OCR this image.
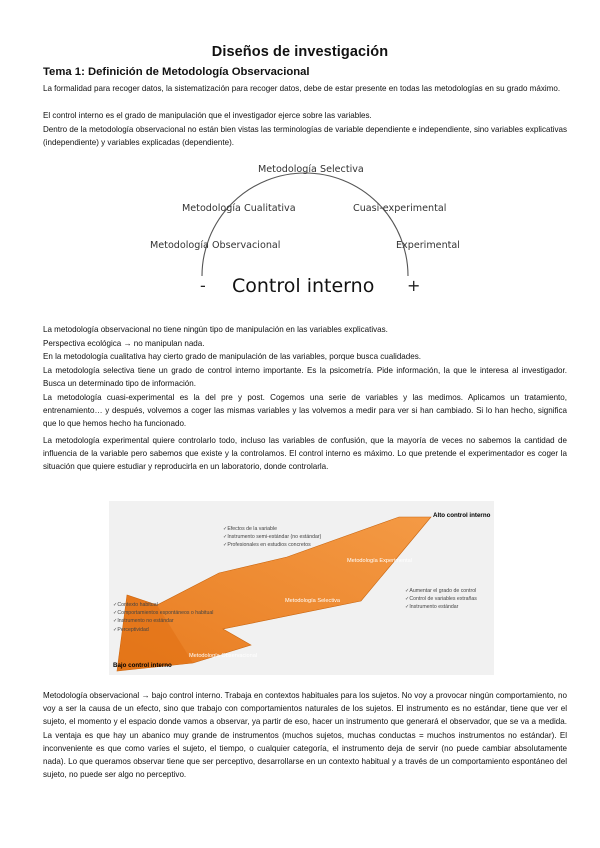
Diseños de investigación
Tema 1: Definición de Metodología Observacional

La formalidad para recoger datos, la sistematización para recoger datos, debe de estar presente en todas las metodologías en su grado máximo.

El control interno es el grado de manipulación que el investigador ejerce sobre las variables.

Dentro de la metodología observacional no están bien vistas las terminologías de variable dependiente e independiente, sino variables explicativas (independiente) y variables explicadas (dependiente).

Metodología Selectiva
Metodología Cualitativa	Cuasi-experimental
Metodología Observacional	Experimental
- Control interno +

La metodología observacional no tiene ningún tipo de manipulación en las variables explicativas.

Perspectiva ecológica → no manipulan nada.

En la metodología cualitativa hay cierto grado de manipulación de las variables, porque busca cualidades.

La metodología selectiva tiene un grado de control interno importante. Es la psicometría. Pide información, la que le interesa al investigador. Busca un determinado tipo de información.

La metodología cuasi-experimental es la del pre y post. Cogemos una serie de variables y las medimos. Aplicamos un tratamiento, entrenamiento… y después, volvemos a coger las mismas variables y las volvemos a medir para ver si han cambiado. Si lo han hecho, significa que lo que hemos hecho ha funcionado.

La metodología experimental quiere controlarlo todo, incluso las variables de confusión, que la mayoría de veces no sabemos la cantidad de influencia de la variable pero sabemos que existe y la controlamos. El control interno es máximo. Lo que pretende el experimentador es coger la situación que quiere estudiar y reproducirla en un laboratorio, donde controlarla.

Alto control interno
Bajo control interno
Metodología Experimental
Metodología Selectiva
Metodología Observacional
✓ Efectos de la variable
✓ Instrumento semi-estándar (no estándar)
✓ Profesionales en estudios concretos
✓ Aumentar el grado de control
✓ Control de variables extrañas
✓ Instrumento estándar
✓ Contexto habitual
✓ Comportamientos espontáneos o habitual
✓ Instrumento no estándar
✓ Perceptividad

Metodología observacional → bajo control interno. Trabaja en contextos habituales para los sujetos. No voy a provocar ningún comportamiento, no voy a ser la causa de un efecto, sino que trabajo con comportamientos naturales de los sujetos. El instrumento es no estándar, tiene que ver el sujeto, el momento y el espacio donde vamos a observar, ya partir de eso, hacer un instrumento que generará el observador, que se va a medida. La ventaja es que hay un abanico muy grande de instrumentos (muchos sujetos, muchas conductas = muchos instrumentos no estándar). El inconveniente es que como varíes el sujeto, el tiempo, o cualquier categoría, el instrumento deja de servir (no puede cambiar absolutamente nada). Lo que queramos observar tiene que ser perceptivo, desarrollarse en un contexto habitual y a través de un comportamiento espontáneo del sujeto, no puede ser algo no perceptivo.
